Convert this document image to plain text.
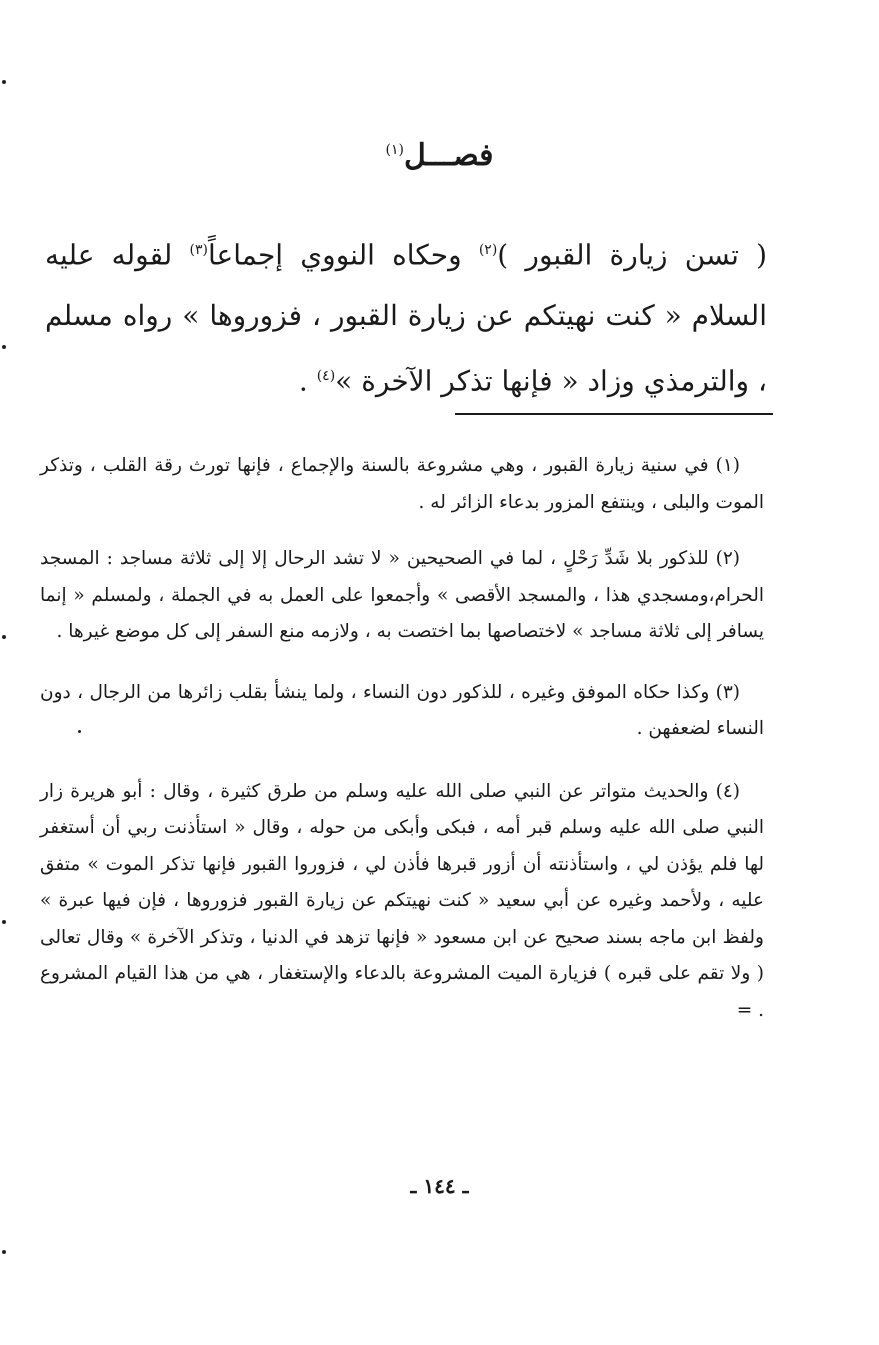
فصـــل$^{(١)}$

( تسن زيارة القبور )$^{(٢)}$ وحكاه النووي إجماعاً$^{(٣)}$ لقوله عليه السلام « كنت نهيتكم عن زيارة القبور ، فزوروها » رواه مسلم ، والترمذي وزاد « فإنها تذكر الآخرة »$^{(٤)}$ .

(١) في سنية زيارة القبور ، وهي مشروعة بالسنة والإجماع ، فإنها تورث رقة القلب ، وتذكر الموت والبلى ، وينتفع المزور بدعاء الزائر له .

(٢) للذكور بلا شَدِّ رَحْلٍ ، لما في الصحيحين « لا تشد الرحال إلا إلى ثلاثة مساجد : المسجد الحرام،ومسجدي هذا ، والمسجد الأقصى » وأجمعوا على العمل به في الجملة ، ولمسلم « إنما يسافر إلى ثلاثة مساجد » لاختصاصها بما اختصت به ، ولازمه منع السفر إلى كل موضع غيرها .

(٣) وكذا حكاه الموفق وغيره ، للذكور دون النساء ، ولما ينشأ بقلب زائرها من الرجال ، دون النساء لضعفهن .

(٤) والحديث متواتر عن النبي صلى الله عليه وسلم من طرق كثيرة ، وقال : أبو هريرة زار النبي صلى الله عليه وسلم قبر أمه ، فبكى وأبكى من حوله ، وقال « استأذنت ربي أن أستغفر لها فلم يؤذن لي ، واستأذنته أن أزور قبرها فأذن لي ، فزوروا القبور فإنها تذكر الموت » متفق عليه ، ولأحمد وغيره عن أبي سعيد « كنت نهيتكم عن زيارة القبور فزوروها ، فإن فيها عبرة » ولفظ ابن ماجه بسند صحيح عن ابن مسعود « فإنها تزهد في الدنيا ، وتذكر الآخرة » وقال تعالى ( ولا تقم على قبره ) فزيارة الميت المشروعة بالدعاء والإستغفار ، هي من هذا القيام المشروع . =

ـ ١٤٤ ـ
